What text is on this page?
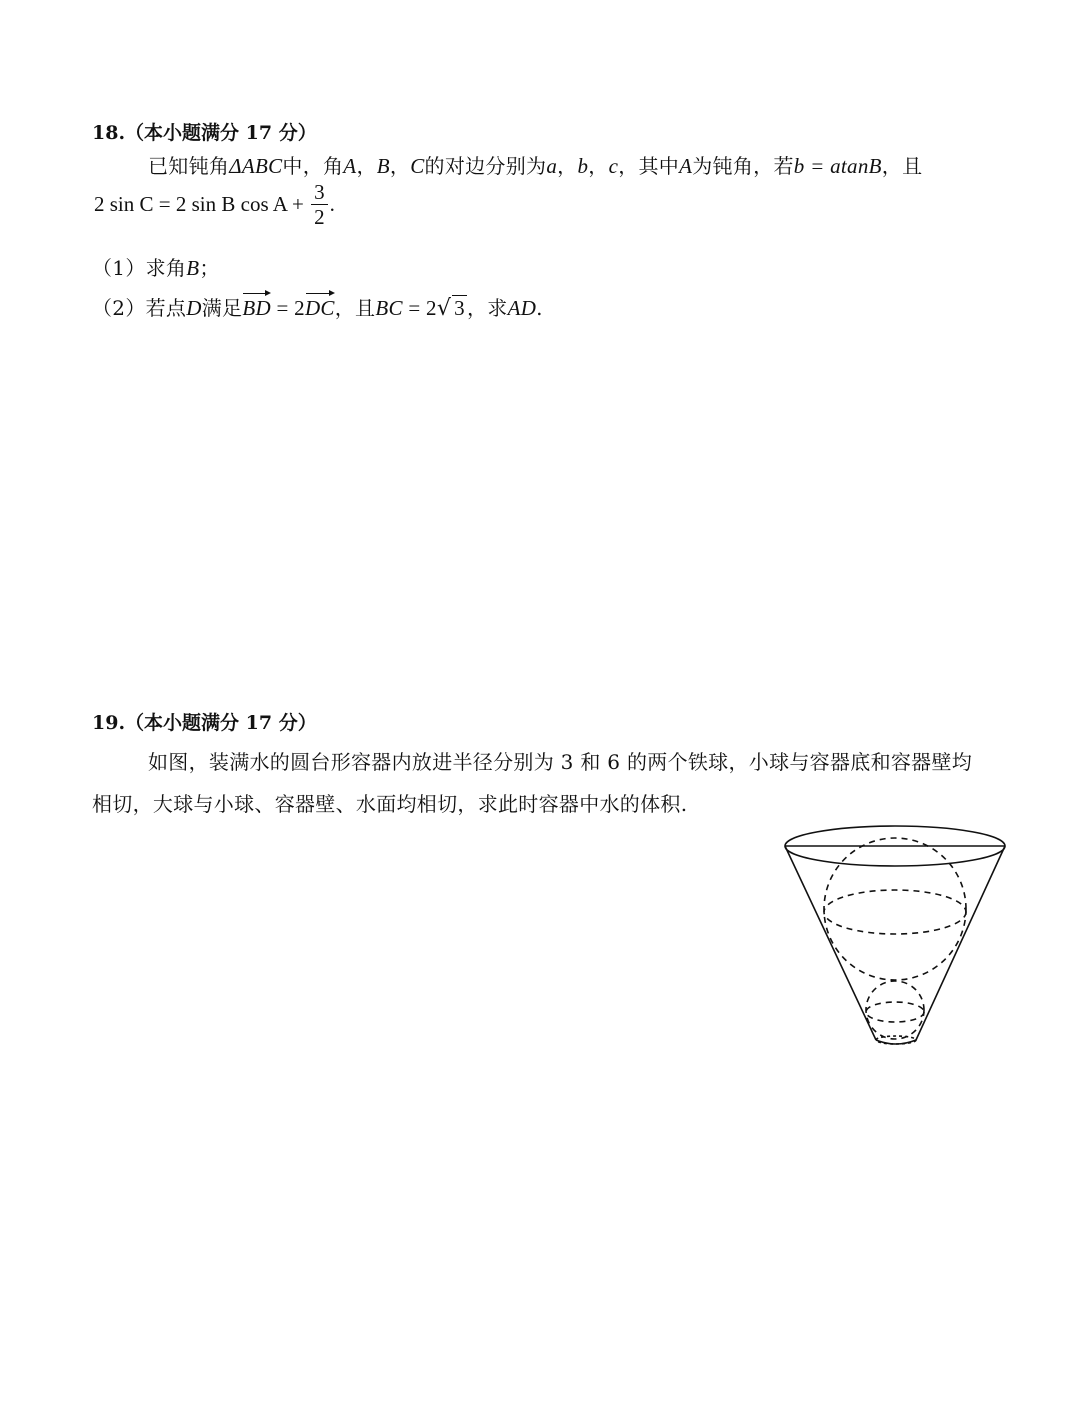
18.（本小题满分 17 分）
已知钝角ΔABC中，角A，B，C的对边分别为a，b，c，其中A为钝角，若b = atanB，且
2 sin C = 2 sin B $\cos A + \frac{3}{2}$ .
（1）求角B；
（2）若点D满足BD = 2DC，且BC = 2√ 3 ，求AD.
19.（本小题满分 17 分）
如图，装满水的圆台形容器内放进半径分别为 3 和 6 的两个铁球，小球与容器底和容器壁均
相切，大球与小球、容器壁、水面均相切，求此时容器中水的体积.
